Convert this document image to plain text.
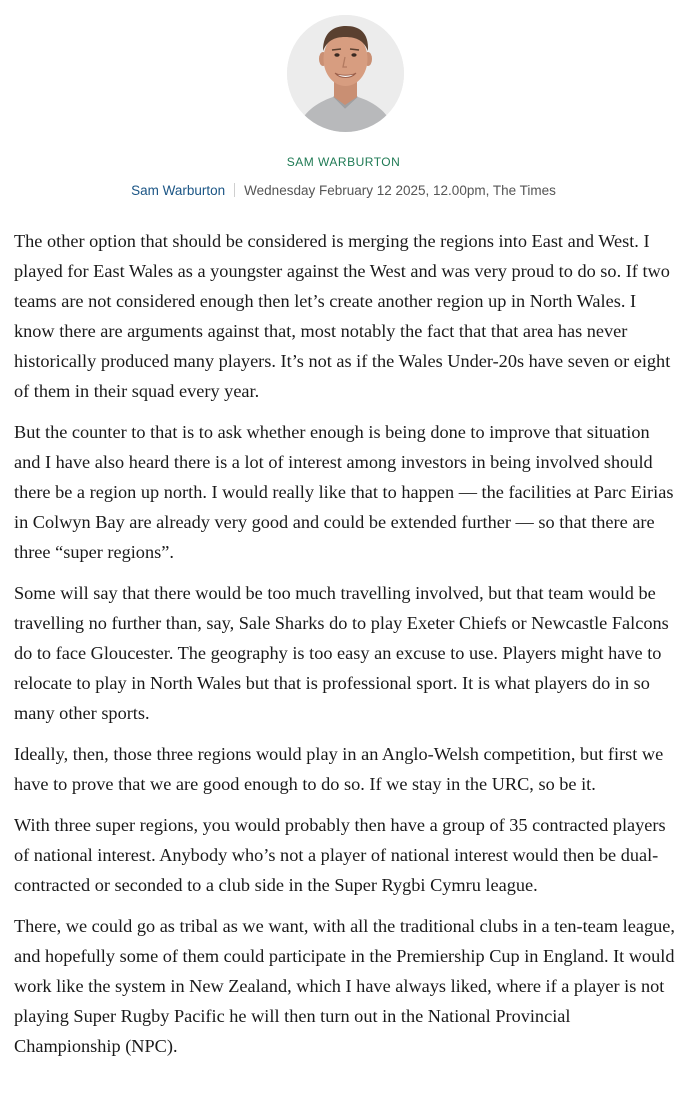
SAM WARBURTON
Sam Warburton Wednesday February 12 2025, 12.00pm, The Times

The other option that should be considered is merging the regions into East and West. I played for East Wales as a youngster against the West and was very proud to do so. If two teams are not considered enough then let’s create another region up in North Wales. I know there are arguments against that, most notably the fact that that area has never historically produced many players. It’s not as if the Wales Under-20s have seven or eight of them in their squad every year.

But the counter to that is to ask whether enough is being done to improve that situation and I have also heard there is a lot of interest among investors in being involved should there be a region up north. I would really like that to happen — the facilities at Parc Eirias in Colwyn Bay are already very good and could be extended further — so that there are three “super regions”.

Some will say that there would be too much travelling involved, but that team would be travelling no further than, say, Sale Sharks do to play Exeter Chiefs or Newcastle Falcons do to face Gloucester. The geography is too easy an excuse to use. Players might have to relocate to play in North Wales but that is professional sport. It is what players do in so many other sports.

Ideally, then, those three regions would play in an Anglo-Welsh competition, but first we have to prove that we are good enough to do so. If we stay in the URC, so be it.

With three super regions, you would probably then have a group of 35 contracted players of national interest. Anybody who’s not a player of national interest would then be dual-contracted or seconded to a club side in the Super Rygbi Cymru league.

There, we could go as tribal as we want, with all the traditional clubs in a ten-team league, and hopefully some of them could participate in the Premiership Cup in England. It would work like the system in New Zealand, which I have always liked, where if a player is not playing Super Rugby Pacific he will then turn out in the National Provincial Championship (NPC).
